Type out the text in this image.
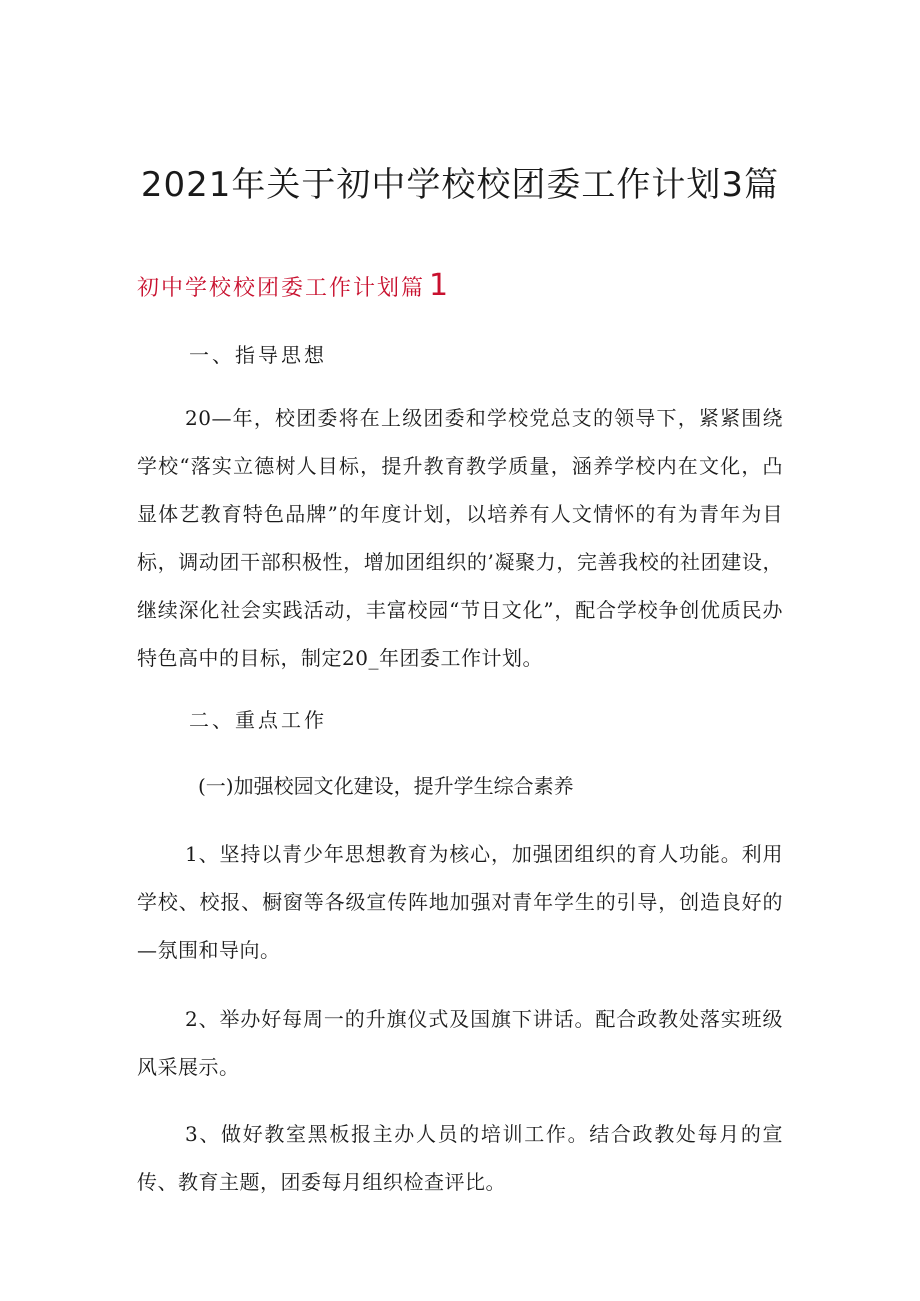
2021年关于初中学校校团委工作计划3篇
初中学校校团委工作计划篇 1
一、指导思想

20—年，校团委将在上级团委和学校党总支的领导下，紧紧围绕学校“落实立德树人目标，提升教育教学质量，涵养学校内在文化，凸显体艺教育特色品牌”的年度计划，以培养有人文情怀的有为青年为目标，调动团干部积极性，增加团组织的’凝聚力，完善我校的社团建设，继续深化社会实践活动，丰富校园“节日文化”，配合学校争创优质民办特色高中的目标，制定20_年团委工作计划。

二、重点工作
(一)加强校园文化建设，提升学生综合素养

1、坚持以青少年思想教育为核心，加强团组织的育人功能。利用学校、校报、橱窗等各级宣传阵地加强对青年学生的引导，创造良好的—氛围和导向。

2、举办好每周一的升旗仪式及国旗下讲话。配合政教处落实班级风采展示。

3、做好教室黑板报主办人员的培训工作。结合政教处每月的宣传、教育主题，团委每月组织检查评比。
